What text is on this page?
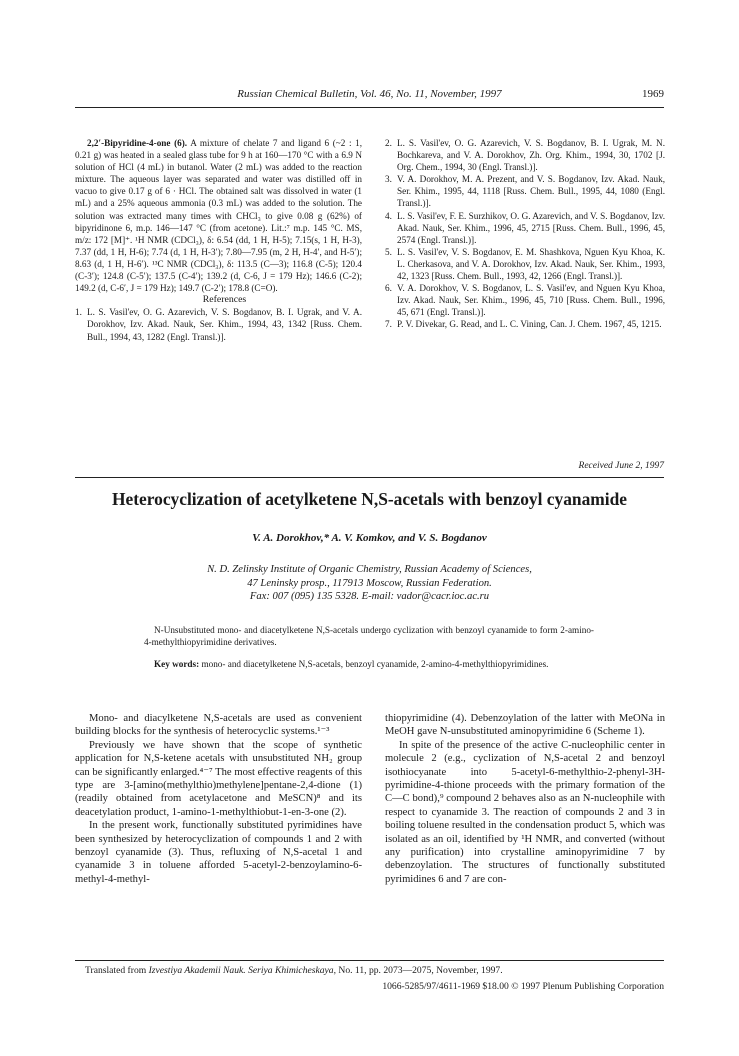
Russian Chemical Bulletin, Vol. 46, No. 11, November, 1997	1969

2,2′-Bipyridine-4-one (6). A mixture of chelate 7 and ligand 6 (~2 : 1, 0.21 g) was heated in a sealed glass tube for 9 h at 160—170 °C with a 6.9 N solution of HCl (4 mL) in butanol. Water (2 mL) was added to the reaction mixture. The aqueous layer was separated and water was distilled off in vacuo to give 0.17 g of 6 · HCl. The obtained salt was dissolved in water (1 mL) and a 25% aqueous ammonia (0.3 mL) was added to the solution. The solution was extracted many times with CHCl₃ to give 0.08 g (62%) of bipyridinone 6, m.p. 146—147 °C (from acetone). Lit.:⁷ m.p. 145 °C. MS, m/z: 172 [M]⁺. ¹H NMR (CDCl₃), δ: 6.54 (dd, 1 H, H-5); 7.15(s, 1 H, H-3), 7.37 (dd, 1 H, H-6); 7.74 (d, 1 H, H-3′); 7.80—7.95 (m, 2 H, H-4′, and H-5′); 8.63 (d, 1 H, H-6′). ¹³C NMR (CDCl₃), δ: 113.5 (C—3); 116.8 (C-5); 120.4 (C-3′); 124.8 (C-5′); 137.5 (C-4′); 139.2 (d, C-6, J = 179 Hz); 146.6 (C-2); 149.2 (d, C-6′, J = 179 Hz); 149.7 (C-2′); 178.8 (C=O).

References

1. L. S. Vasil'ev, O. G. Azarevich, V. S. Bogdanov, B. I. Ugrak, and V. A. Dorokhov, Izv. Akad. Nauk, Ser. Khim., 1994, 43, 1342 [Russ. Chem. Bull., 1994, 43, 1282 (Engl. Transl.)].

2. L. S. Vasil'ev, O. G. Azarevich, V. S. Bogdanov, B. I. Ugrak, M. N. Bochkareva, and V. A. Dorokhov, Zh. Org. Khim., 1994, 30, 1702 [J. Org. Chem., 1994, 30 (Engl. Transl.)].

3. V. A. Dorokhov, M. A. Prezent, and V. S. Bogdanov, Izv. Akad. Nauk, Ser. Khim., 1995, 44, 1118 [Russ. Chem. Bull., 1995, 44, 1080 (Engl. Transl.)].

4. L. S. Vasil'ev, F. E. Surzhikov, O. G. Azarevich, and V. S. Bogdanov, Izv. Akad. Nauk, Ser. Khim., 1996, 45, 2715 [Russ. Chem. Bull., 1996, 45, 2574 (Engl. Transl.)].

5. L. S. Vasil'ev, V. S. Bogdanov, E. M. Shashkova, Nguen Kyu Khoa, K. L. Cherkasova, and V. A. Dorokhov, Izv. Akad. Nauk, Ser. Khim., 1993, 42, 1323 [Russ. Chem. Bull., 1993, 42, 1266 (Engl. Transl.)].

6. V. A. Dorokhov, V. S. Bogdanov, L. S. Vasil'ev, and Nguen Kyu Khoa, Izv. Akad. Nauk, Ser. Khim., 1996, 45, 710 [Russ. Chem. Bull., 1996, 45, 671 (Engl. Transl.)].

7. P. V. Divekar, G. Read, and L. C. Vining, Can. J. Chem. 1967, 45, 1215.

Received June 2, 1997
Heterocyclization of acetylketene N,S-acetals with benzoyl cyanamide
V. A. Dorokhov,* A. V. Komkov, and V. S. Bogdanov
N. D. Zelinsky Institute of Organic Chemistry, Russian Academy of Sciences,
47 Leninsky prosp., 117913 Moscow, Russian Federation.
Fax: 007 (095) 135 5328. E-mail: vador@cacr.ioc.ac.ru

N-Unsubstituted mono- and diacetylketene N,S-acetals undergo cyclization with benzoyl cyanamide to form 2-amino-4-methylthiopyrimidine derivatives.

Key words: mono- and diacetylketene N,S-acetals, benzoyl cyanamide, 2-amino-4-methylthiopyrimidines.

Mono- and diacylketene N,S-acetals are used as convenient building blocks for the synthesis of heterocyclic systems.¹⁻³

Previously we have shown that the scope of synthetic application for N,S-ketene acetals with unsubstituted NH₂ group can be significantly enlarged.⁴⁻⁷ The most effective reagents of this type are 3-[amino(methylthio)methylene]pentane-2,4-dione (1) (readily obtained from acetylacetone and MeSCN)⁸ and its deacetylation product, 1-amino-1-methylthiobut-1-en-3-one (2).

In the present work, functionally substituted pyrimidines have been synthesized by heterocyclization of compounds 1 and 2 with benzoyl cyanamide (3). Thus, refluxing of N,S-acetal 1 and cyanamide 3 in toluene afforded 5-acetyl-2-benzoylamino-6-methyl-4-methyl-

thiopyrimidine (4). Debenzoylation of the latter with MeONa in MeOH gave N-unsubstituted aminopyrimidine 6 (Scheme 1).

In spite of the presence of the active C-nucleophilic center in molecule 2 (e.g., cyclization of N,S-acetal 2 and benzoyl isothiocyanate into 5-acetyl-6-methylthio-2-phenyl-3H-pyrimidine-4-thione proceeds with the primary formation of the C—C bond),⁹ compound 2 behaves also as an N-nucleophile with respect to cyanamide 3. The reaction of compounds 2 and 3 in boiling toluene resulted in the condensation product 5, which was isolated as an oil, identified by ¹H NMR, and converted (without any purification) into crystalline aminopyrimidine 7 by debenzoylation. The structures of functionally substituted pyrimidines 6 and 7 are con-

Translated from Izvestiya Akademii Nauk. Seriya Khimicheskaya, No. 11, pp. 2073—2075, November, 1997.
1066-5285/97/4611-1969 $18.00 © 1997 Plenum Publishing Corporation
